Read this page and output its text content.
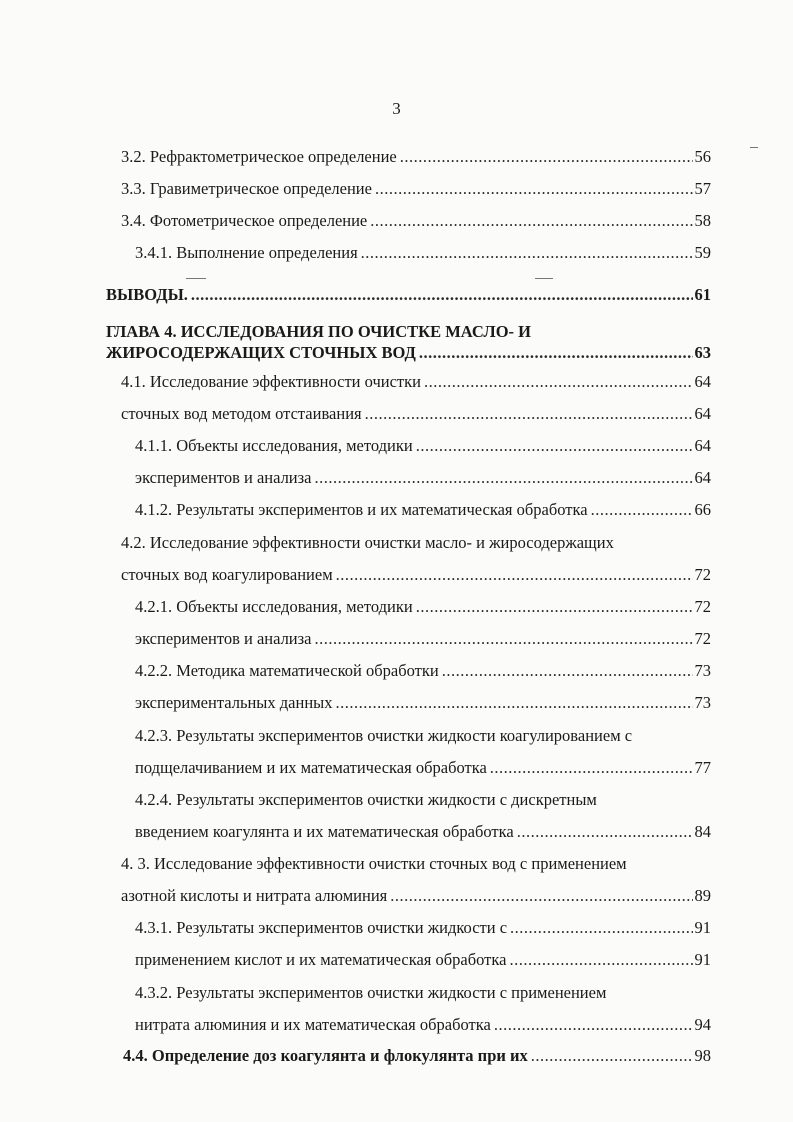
3
3.2. Рефрактометрическое определение .....	56
3.3. Гравиметрическое определение .....	57
3.4. Фотометрическое определение .....	58
3.4.1. Выполнение определения .....	59
ВЫВОДЫ. .....	61
ГЛАВА 4. ИССЛЕДОВАНИЯ ПО ОЧИСТКЕ МАСЛО- И
ЖИРОСОДЕРЖАЩИХ СТОЧНЫХ ВОД .....	63
4.1. Исследование эффективности очистки .....	64
сточных вод методом отстаивания .....	64
4.1.1. Объекты исследования, методики .....	64
экспериментов и анализа .....	64
4.1.2. Результаты экспериментов и их математическая обработка .....	66
4.2. Исследование эффективности очистки масло- и жиросодержащих
сточных вод коагулированием .....	72
4.2.1. Объекты исследования, методики .....	72
экспериментов и анализа .....	72
4.2.2. Методика математической обработки .....	73
экспериментальных данных .....	73
4.2.3. Результаты экспериментов очистки жидкости коагулированием с
подщелачиванием и их математическая обработка .....	77
4.2.4. Результаты экспериментов очистки жидкости с дискретным
введением коагулянта и их математическая обработка .....	84
4. 3. Исследование эффективности очистки сточных вод с применением
азотной кислоты и нитрата алюминия .....	89
4.3.1. Результаты экспериментов очистки жидкости с .....	91
применением кислот и их математическая обработка .....	91
4.3.2. Результаты экспериментов очистки жидкости с применением
нитрата алюминия и их математическая обработка .....	94
4.4. Определение доз коагулянта и флокулянта при их .....	98
